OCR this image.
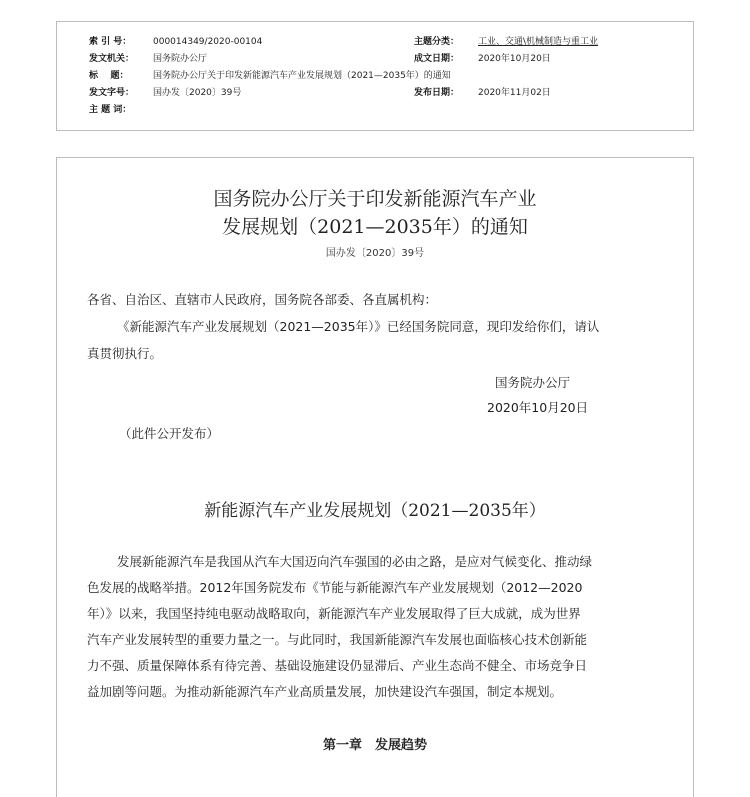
索 引 号： 000014349/2020-00104	主题分类： 工业、交通\机械制造与重工业
发文机关： 国务院办公厅	成文日期： 2020年10月20日
标    题：	国务院办公厅关于印发新能源汽车产业发展规划（2021—2035年）的通知
发文字号： 国办发〔2020〕39号	发布日期： 2020年11月02日
主 题 词：
国务院办公厅关于印发新能源汽车产业
发展规划（2021—2035年）的通知
国办发〔2020〕39号

各省、自治区、直辖市人民政府，国务院各部委、各直属机构：

《新能源汽车产业发展规划（2021—2035年）》已经国务院同意，现印发给你们，请认

真贯彻执行。

国务院办公厅
2020年10月20日
（此件公开发布）
新能源汽车产业发展规划（2021—2035年）

发展新能源汽车是我国从汽车大国迈向汽车强国的必由之路，是应对气候变化、推动绿

色发展的战略举措。2012年国务院发布《节能与新能源汽车产业发展规划（2012—2020

年）》以来，我国坚持纯电驱动战略取向，新能源汽车产业发展取得了巨大成就，成为世界

汽车产业发展转型的重要力量之一。与此同时，我国新能源汽车发展也面临核心技术创新能

力不强、质量保障体系有待完善、基础设施建设仍显滞后、产业生态尚不健全、市场竞争日

益加剧等问题。为推动新能源汽车产业高质量发展，加快建设汽车强国，制定本规划。

第一章　发展趋势
